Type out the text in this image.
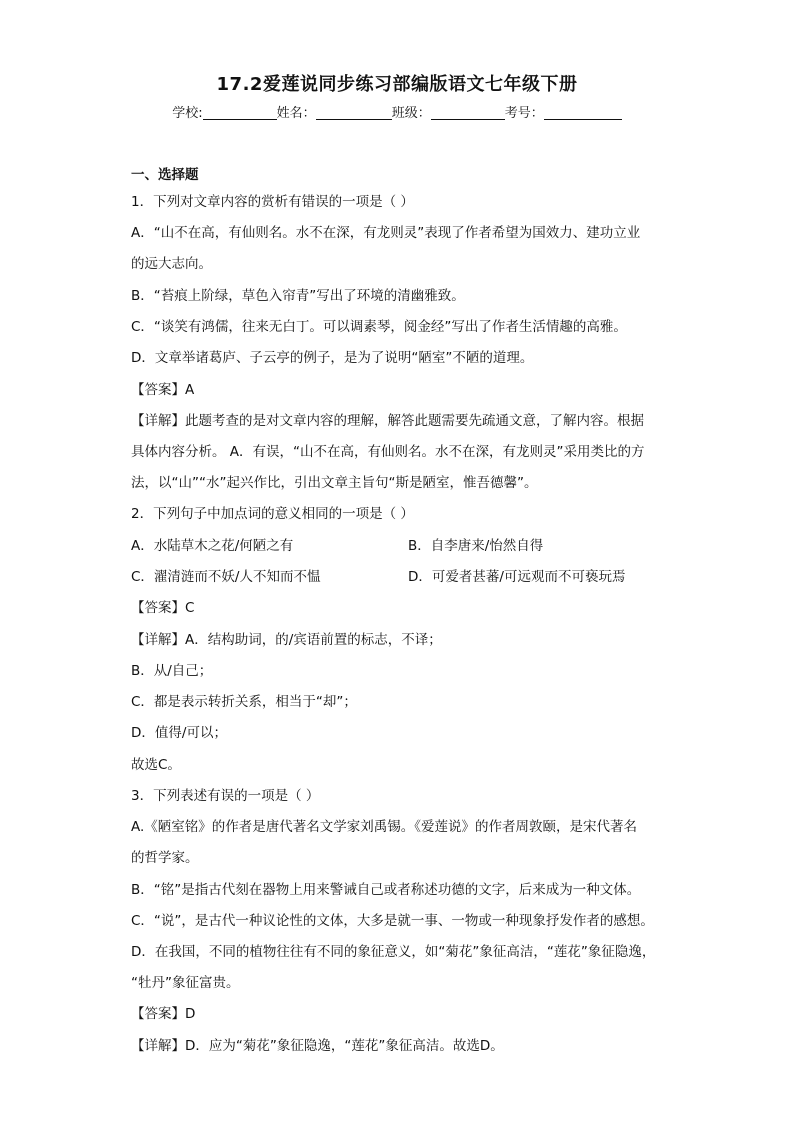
17.2爱莲说同步练习部编版语文七年级下册
学校:	姓名：	班级：	考号：
一、选择题
1．下列对文章内容的赏析有错误的一项是（ ）
A．“山不在高，有仙则名。水不在深，有龙则灵”表现了作者希望为国效力、建功立业
的远大志向。
B．“苔痕上阶绿，草色入帘青”写出了环境的清幽雅致。
C．“谈笑有鸿儒，往来无白丁。可以调素琴，阅金经”写出了作者生活情趣的高雅。
D．文章举诸葛庐、子云亭的例子，是为了说明“陋室”不陋的道理。
【答案】A
【详解】此题考查的是对文章内容的理解，解答此题需要先疏通文意，了解内容。根据
具体内容分析。 A．有误，“山不在高，有仙则名。水不在深，有龙则灵”采用类比的方
法，以“山”“水”起兴作比，引出文章主旨句“斯是陋室，惟吾德馨”。
2．下列句子中加点词的意义相同的一项是（ ）
A．水陆草木之花/何陋之有	B．自李唐来/怡然自得
C．濯清涟而不妖/人不知而不愠	D．可爱者甚蕃/可远观而不可亵玩焉
【答案】C
【详解】A．结构助词，的/宾语前置的标志，不译；
B．从/自己；
C．都是表示转折关系，相当于“却”；
D．值得/可以；
故选C。
3．下列表述有误的一项是（ ）
A.《陋室铭》的作者是唐代著名文学家刘禹锡。《爱莲说》的作者周敦颐，是宋代著名
的哲学家。
B．“铭”是指古代刻在器物上用来警诫自己或者称述功德的文字，后来成为一种文体。
C．“说”，是古代一种议论性的文体，大多是就一事、一物或一种现象抒发作者的感想。
D．在我国，不同的植物往往有不同的象征意义，如“菊花”象征高洁，“莲花”象征隐逸，
“牡丹”象征富贵。
【答案】D
【详解】D．应为“菊花”象征隐逸，“莲花”象征高洁。故选D。
